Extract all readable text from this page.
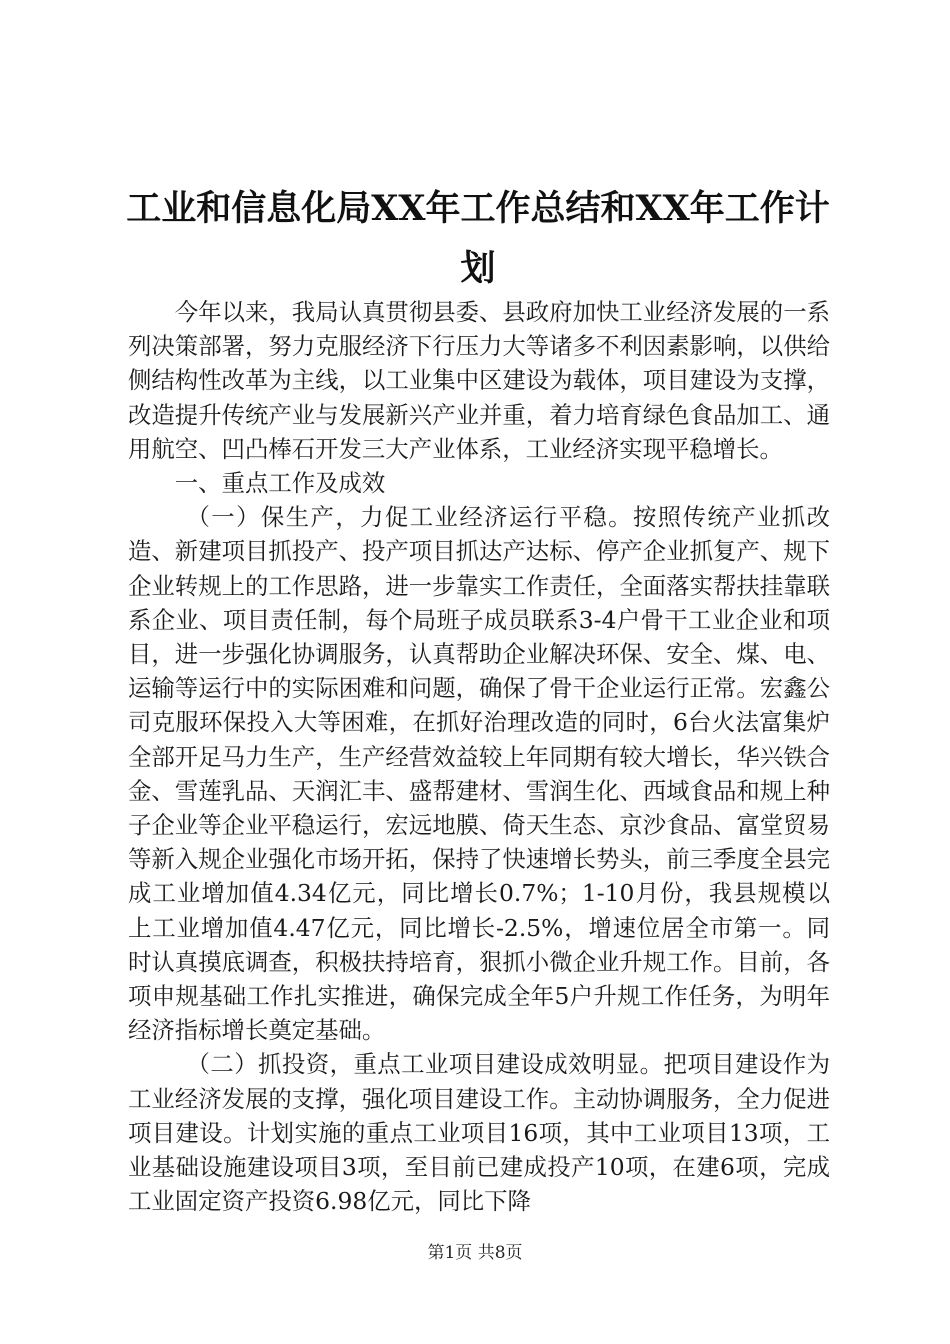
工业和信息化局XX年工作总结和XX年工作计
划

今年以来，我局认真贯彻县委、县政府加快工业经济发展的一系列决策部署，努力克服经济下行压力大等诸多不利因素影响，以供给侧结构性改革为主线，以工业集中区建设为载体，项目建设为支撑，改造提升传统产业与发展新兴产业并重，着力培育绿色食品加工、通用航空、凹凸棒石开发三大产业体系，工业经济实现平稳增长。

一、重点工作及成效

（一）保生产，力促工业经济运行平稳。按照传统产业抓改造、新建项目抓投产、投产项目抓达产达标、停产企业抓复产、规下企业转规上的工作思路，进一步靠实工作责任，全面落实帮扶挂靠联系企业、项目责任制，每个局班子成员联系3-4户骨干工业企业和项目，进一步强化协调服务，认真帮助企业解决环保、安全、煤、电、运输等运行中的实际困难和问题，确保了骨干企业运行正常。宏鑫公司克服环保投入大等困难，在抓好治理改造的同时，6台火法富集炉全部开足马力生产，生产经营效益较上年同期有较大增长，华兴铁合金、雪莲乳品、天润汇丰、盛帮建材、雪润生化、西域食品和规上种子企业等企业平稳运行，宏远地膜、倚天生态、京沙食品、富堂贸易等新入规企业强化市场开拓，保持了快速增长势头，前三季度全县完成工业增加值4.34亿元，同比增长0.7%；1-10月份，我县规模以上工业增加值4.47亿元，同比增长-2.5%，增速位居全市第一。同时认真摸底调查，积极扶持培育，狠抓小微企业升规工作。目前，各项申规基础工作扎实推进，确保完成全年5户升规工作任务，为明年经济指标增长奠定基础。

（二）抓投资，重点工业项目建设成效明显。把项目建设作为工业经济发展的支撑，强化项目建设工作。主动协调服务，全力促进项目建设。计划实施的重点工业项目16项，其中工业项目13项，工业基础设施建设项目3项，至目前已建成投产10项，在建6项，完成工业固定资产投资6.98亿元，同比下降

第1页 共8页
